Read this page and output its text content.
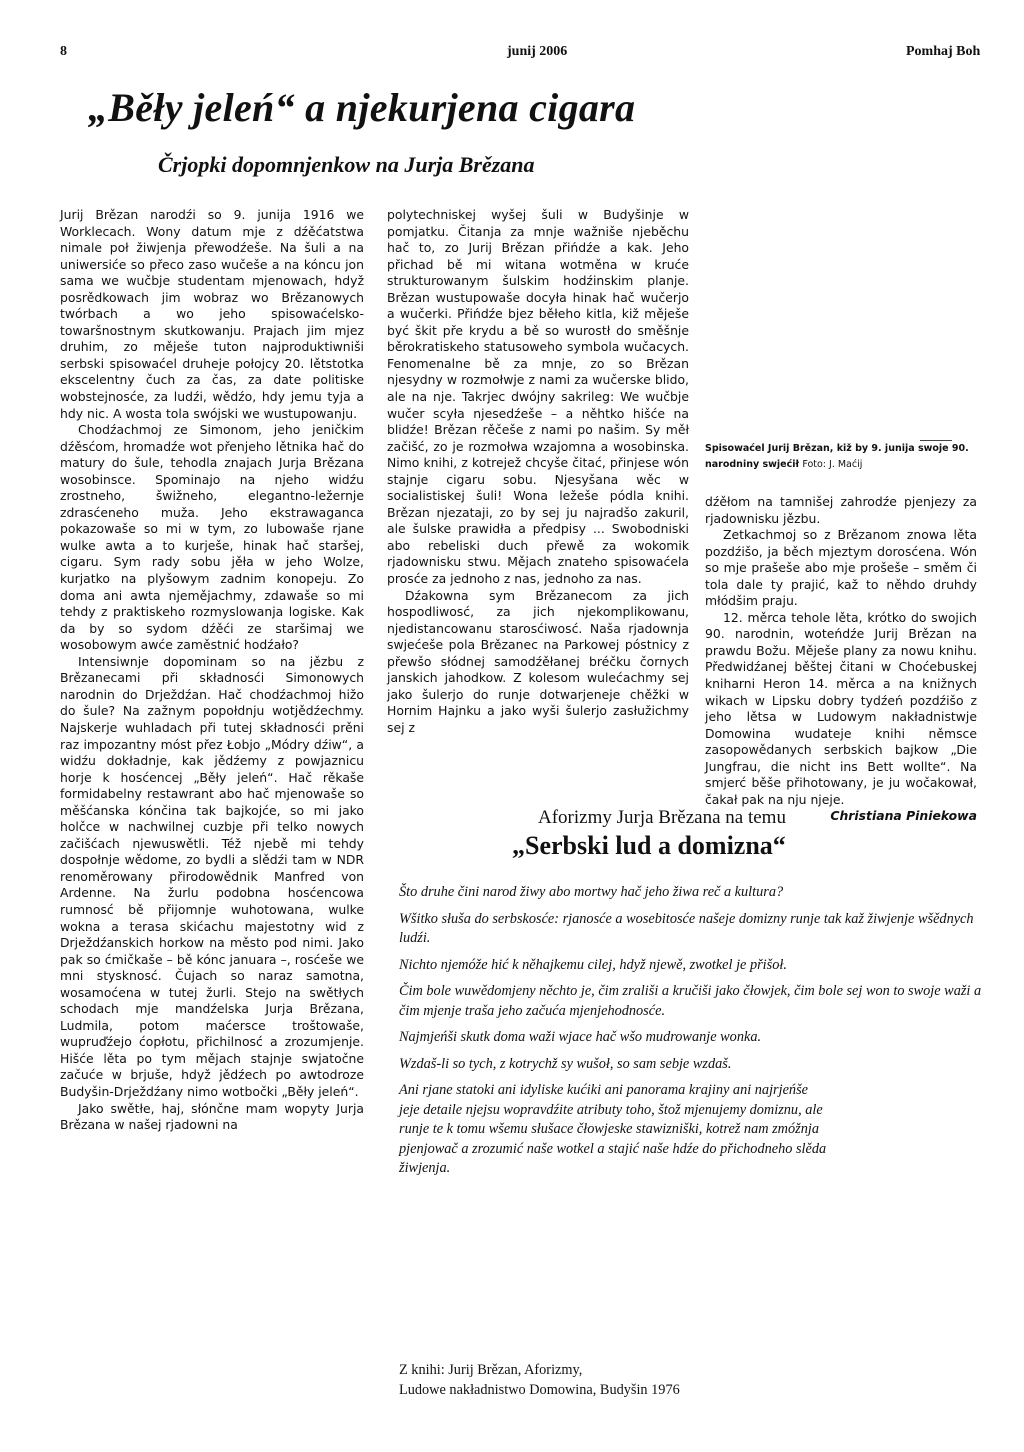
8	junij 2006	Pomhaj Boh
„Běły jeleń“ a njekurjena cigara
Črjopki dopomnjenkow na Jurja Brězana

Jurij Brězan narodźi so 9. junija 1916 we Worklecach. Wony datum mje z dźěćatstwa nimale poł žiwjenja přewodźeše. Na šuli a na uniwersiće so přeco zaso wučeše a na kóncu jon sama we wučbje studentam mjenowach, hdyž posrědkowach jim wobraz wo Brězanowych twórbach a wo jeho spisowaćelsko-towaršnostnym skutkowanju. Prajach jim mjez druhim, zo měješe tuton najproduktiwniši serbski spisowaćel druheje połojcy 20. lětstotka ekscelentny čuch za čas, za date politiske wobstejnosće, za ludźi, wědźo, hdy jemu tyja a hdy nic. A wosta tola swójski we wustupowanju.

Chodźachmoj ze Simonom, jeho jeničkim dźěsćom, hromadźe wot přenjeho lětnika hač do matury do šule, tehodla znajach Jurja Brězana wosobinsce. Spominajo na njeho widźu zrostneho, šwižneho, elegantno-ležernje zdrasćeneho muža. Jeho ekstrawaganca pokazowaše so mi w tym, zo lubowaše rjane wulke awta a to kurješe, hinak hač staršej, cigaru. Sym rady sobu jěła w jeho Wolze, kurjatko na plyšowym zadnim konopeju. Zo doma ani awta njemějachmy, zdawaše so mi tehdy z praktiskeho rozmyslowanja logiske. Kak da by so sydom dźěći ze staršimaj we wosobowym awće zaměstnić hodźało?

Intensiwnje dopominam so na jězbu z Brězanecami při składnosći Simonowych narodnin do Drježdźan. Hač chodźachmoj hižo do šule? Na zažnym popołdnju wotjědźechmy. Najskerje wuhladach při tutej składnosći prěni raz impozantny móst přez Łobjo „Módry dźiw“, a widźu dokładnje, kak jědźemy z powjaznicu horje k hosćencej „Běły jeleń“. Hač rěkaše formidabelny restawrant abo hač mjenowaše so měšćanska kónčina tak bajkojće, so mi jako holčce w nachwilnej cuzbje při telko nowych začišćach njewuswětli. Též njebě mi tehdy dospołnje wědome, zo bydli a slědźi tam w NDR renoměrowany přirodowědnik Manfred von Ardenne. Na žurlu podobna hosćencowa rumnosć bě přijomnje wuhotowana, wulke wokna a terasa skićachu majestotny wid z Drježdźanskich horkow na město pod nimi. Jako pak so ćmičkaše – bě kónc januara –, rosćeše we mni stysknosć. Čujach so naraz samotna, wosamoćena w tutej žurli. Stejo na swětłych schodach mje mandźelska Jurja Brězana, Ludmila, potom maćersce troštowaše, wupruďźejo ćopłotu, přichilnosć a zrozumjenje. Hišće lěta po tym mějach stajnje swjatočne začuće w brjuše, hdyž jědźech po awtodroze Budyšin-Drježdźany nimo wotbočki „Běły jeleń“.

Jako swětłe, haj, słónčne mam wopyty Jurja Brězana w našej rjadowni na

polytechniskej wyšej šuli w Budyšinje w pomjatku. Čitanja za mnje wažniše njeběchu hač to, zo Jurij Brězan přińdźe a kak. Jeho přichad bě mi witana wotměna w kruće strukturowanym šulskim hodźinskim planje. Brězan wustupowaše docyła hinak hač wučerjo a wučerki. Přińdźe bjez běłeho kitla, kiž měješe być škit pře krydu a bě so wurostł do směšnje běrokratiskeho statusoweho symbola wučacych. Fenomenalne bě za mnje, zo so Brězan njesydny w rozmołwje z nami za wučerske blido, ale na nje. Takrjec dwójny sakrileg: We wučbje wučer scyła njesedźeše – a něhtko hišće na blidźe! Brězan rěčeše z nami po našim. Sy měł začišć, zo je rozmołwa wzajomna a wosobinska. Nimo knihi, z kotrejež chcyše čitać, přinjese wón stajnje cigaru sobu. Njesyšana wěc w socialistiskej šuli! Wona ležeše pódla knihi. Brězan njezataji, zo by sej ju najradšo zakuril, ale šulske prawidła a předpisy ... Swobodniski abo rebeliski duch přewě za wokomik rjadownisku stwu. Mějach znateho spisowaćela prosće za jednoho z nas, jednoho za nas.

Dźakowna sym Brězanecom za jich hospodliwosć, za jich njekomplikowanu, njedistancowanu starosćiwosć. Naša rjadownja swjećeše pola Brězanec na Parkowej póstnicy z přewšo słódnej samodźěłanej bréčku čornych janskich jahodkow. Z kolesom wulećachmy sej jako šulerjo do runje dotwarjeneje chěžki w Hornim Hajnku a jako wyši šulerjo zasłužichmy sej z

Spisowaćel Jurij Brězan, kiž by 9. junija swoje 90. narodniny swjećił Foto: J. Maćij

dźěłom na tamnišej zahrodźe pjenjezy za rjadownisku jězbu.

Zetkachmoj so z Brězanom znowa lěta pozdźišo, ja běch mjeztym dorosćena. Wón so mje prašeše abo mje prošeše – směm či tola dale ty prajić, kaž to něhdo druhdy młódšim praju.

12. měrca tehole lěta, krótko do swojich 90. narodnin, woteńdźe Jurij Brězan na prawdu Božu. Měješe plany za nowu knihu. Předwidźanej běštej čitani w Choćebuskej kniharni Heron 14. měrca a na knižnych wikach w Lipsku dobry tydźeń pozdźišo z jeho lětsa w Ludowym nakładnistwje Domowina wudateje knihi němsce zasopowědanych serbskich bajkow „Die Jungfrau, die nicht ins Bett wollte“. Na smjerć běše přihotowany, je ju wočakował, čakał pak na nju njeje.

Christiana Piniekowa

Aforizmy Jurja Brězana na temu
„Serbski lud a domizna“

Što druhe čini narod žiwy abo mortwy hač jeho žiwa reč a kultura?

Wšitko słuša do serbskosće: rjanosće a wosebitosće našeje domizny runje tak kaž žiwjenje wšědnych ludźi.

Nichto njemóže hić k něhajkemu cilej, hdyž njewě, zwotkel je přišoł.

Čim bole wuwědomjeny něchto je, čim zrališi a kručiši jako čłowjek, čim bole sej won to swoje waži a čim mjenje traša jeho začuća mjenjehodnosće.

Najmjeńši skutk doma waži wjace hač wšo mudrowanje wonka.

Wzdaš-li so tych, z kotrychž sy wušoł, so sam sebje wzdaš.

Ani rjane statoki ani idyliske kućiki ani panorama krajiny ani najrjeńše jeje detaile njejsu wopravdźite atributy toho, štož mjenujemy domiznu, ale runje te k tomu wšemu słušace čłowjeske stawizniški, kotrež nam zmóžnja pjenjowač a zrozumić naše wotkel a stajić naše hdźe do přichodneho slěda žiwjenja.

Z knihi: Jurij Brězan, Aforizmy,
Ludowe nakładnistwo Domowina, Budyšin 1976
